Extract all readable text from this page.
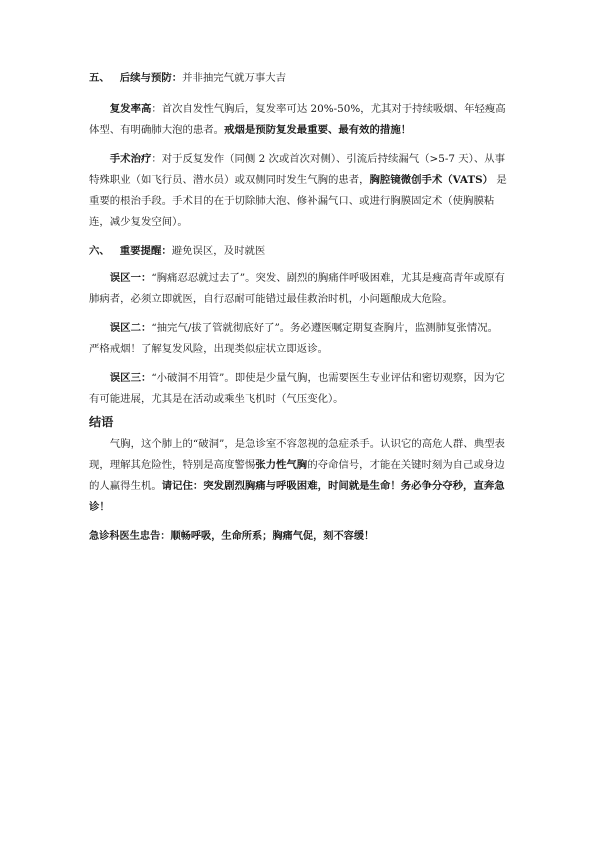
五、 后续与预防：并非抽完气就万事大吉

复发率高：首次自发性气胸后，复发率可达 20%-50%，尤其对于持续吸烟、年轻瘦高体型、有明确肺大泡的患者。戒烟是预防复发最重要、最有效的措施！

手术治疗：对于反复发作（同侧 2 次或首次对侧）、引流后持续漏气（>5-7 天）、从事特殊职业（如飞行员、潜水员）或双侧同时发生气胸的患者，胸腔镜微创手术（VATS） 是重要的根治手段。手术目的在于切除肺大泡、修补漏气口、或进行胸膜固定术（使胸膜粘连，减少复发空间）。

六、 重要提醒：避免误区，及时就医

误区一：“胸痛忍忍就过去了”。突发、剧烈的胸痛伴呼吸困难，尤其是瘦高青年或原有肺病者，必须立即就医，自行忍耐可能错过最佳救治时机，小问题酿成大危险。

误区二：“抽完气/拔了管就彻底好了”。务必遵医嘱定期复查胸片，监测肺复张情况。严格戒烟！了解复发风险，出现类似症状立即返诊。

误区三：“小破洞不用管”。即使是少量气胸，也需要医生专业评估和密切观察，因为它有可能进展，尤其是在活动或乘坐飞机时（气压变化）。

结语

气胸，这个肺上的“破洞”，是急诊室不容忽视的急症杀手。认识它的高危人群、典型表现，理解其危险性，特别是高度警惕张力性气胸的夺命信号，才能在关键时刻为自己或身边的人赢得生机。请记住：突发剧烈胸痛与呼吸困难，时间就是生命！务必争分夺秒，直奔急诊！

急诊科医生忠告：顺畅呼吸，生命所系；胸痛气促，刻不容缓！
